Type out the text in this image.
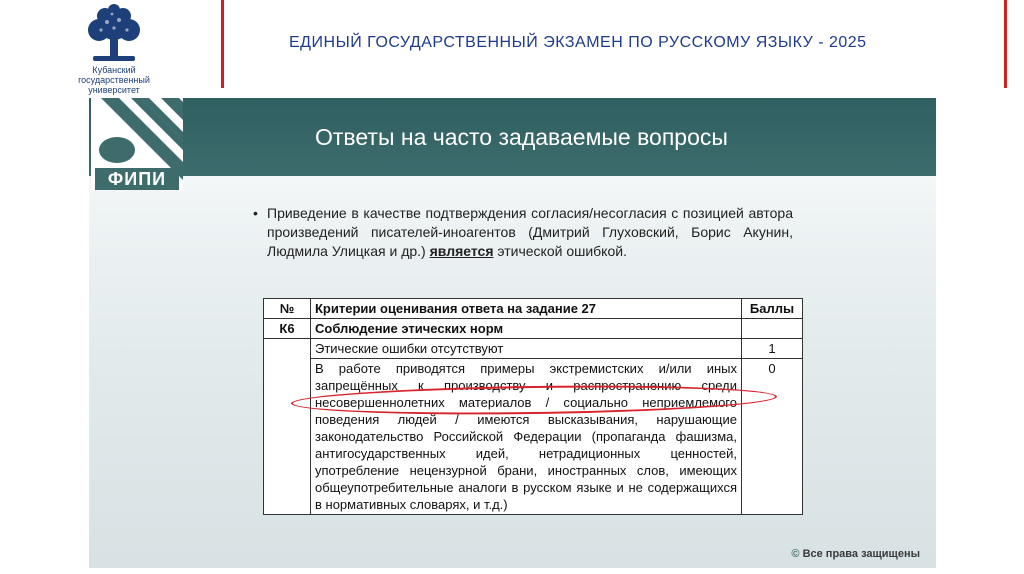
Кубанский
государственный
университет
ЕДИНЫЙ ГОСУДАРСТВЕННЫЙ ЭКЗАМЕН ПО РУССКОМУ ЯЗЫКУ - 2025
Ответы на часто задаваемые вопросы
ФИПИ
• Приведение в качестве подтверждения согласия/несогласия с позицией автора произведений писателей-иноагентов (Дмитрий Глуховский, Борис Акунин, Людмила Улицкая и др.) является этической ошибкой.
№	Критерии оценивания ответа на задание 27	Баллы
К6	Соблюдение этических норм	
	Этические ошибки отсутствуют	1
	В работе приводятся примеры экстремистских и/или иных запрещённых к производству и распространению среди несовершеннолетних материалов / социально неприемлемого поведения людей / имеются высказывания, нарушающие законодательство Российской Федерации (пропаганда фашизма, антигосударственных идей, нетрадиционных ценностей, употребление нецензурной брани, иностранных слов, имеющих общеупотребительные аналоги в русском языке и не содержащихся в нормативных словарях, и т.д.)	0
© Все права защищены
